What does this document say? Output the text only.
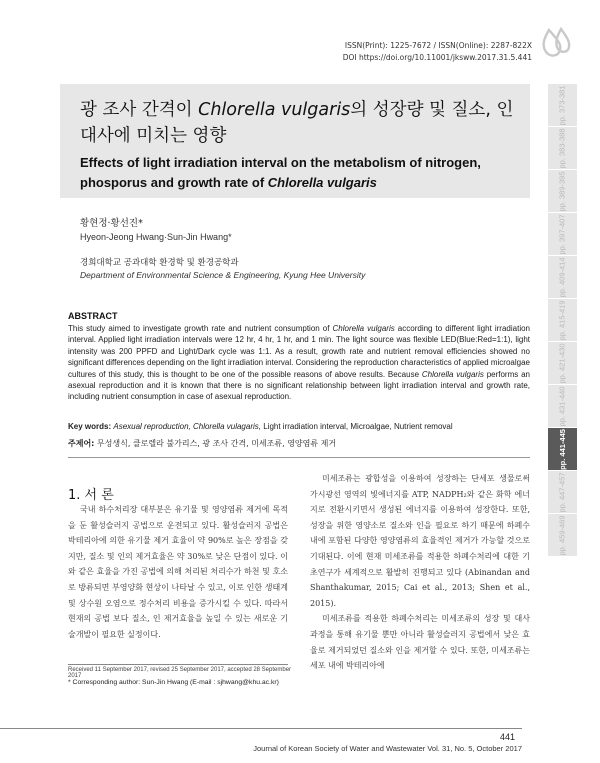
ISSN(Print): 1225-7672 / ISSN(Online): 2287-822X
DOI https://doi.org/10.11001/jksww.2017.31.5.441
광 조사 간격이 Chlorella vulgaris의 성장량 및 질소, 인 대사에 미치는 영향
Effects of light irradiation interval on the metabolism of nitrogen, phosporus and growth rate of Chlorella vulgaris
황현정·황선진*
Hyeon-Jeong Hwang·Sun-Jin Hwang*
경희대학교 공과대학 환경학 및 환경공학과
Department of Environmental Science & Engineering, Kyung Hee University
ABSTRACT
This study aimed to investigate growth rate and nutrient consumption of Chlorella vulgaris according to different light irradiation interval. Applied light irradiation intervals were 12 hr, 4 hr, 1 hr, and 1 min. The light source was flexible LED(Blue:Red=1:1), light intensity was 200 PPFD and Light/Dark cycle was 1:1. As a result, growth rate and nutrient removal efficiencies showed no significant differences depending on the light irradiation interval. Considering the reproduction characteristics of applied microalgae cultures of this study, this is thought to be one of the possible reasons of above results. Because Chlorella vulgaris performs an asexual reproduction and it is known that there is no significant relationship between light irradiation interval and growth rate, including nutrient consumption in case of asexual reproduction.
Key words: Asexual reproduction, Chlorella vulagaris, Light irradiation interval, Microalgae, Nutrient removal
주제어: 무성생식, 클로렐라 불가리스, 광 조사 간격, 미세조류, 영양염류 제거
1. 서 론
국내 하수처리장 대부분은 유기물 및 영양염류 제거에 목적을 둔 활성슬러지 공법으로 운전되고 있다. 활성슬러지 공법은 박테리아에 의한 유기물 제거 효율이 약 90%로 높은 장점을 갖지만, 질소 및 인의 제거효율은 약 30%로 낮은 단점이 있다. 이와 같은 효율을 가진 공법에 의해 처리된 처리수가 하천 및 호소로 방류되면 부영양화 현상이 나타날 수 있고, 이로 인한 생태계 및 상수원 오염으로 정수처리 비용을 증가시킬 수 있다. 따라서 현재의 공법 보다 질소, 인 제거효율을 높일 수 있는 새로운 기술개발이 필요한 실정이다.
미세조류는 광합성을 이용하여 성장하는 단세포 생물로써 가시광선 영역의 빛에너지를 ATP, NADPH₂와 같은 화학 에너지로 전환시키면서 생성된 에너지를 이용하여 성장한다. 또한, 성장을 위한 영양소로 질소와 인을 필요로 하기 때문에 하폐수 내에 포함된 다양한 영양염류의 효율적인 제거가 가능할 것으로 기대된다. 이에 현재 미세조류를 적용한 하폐수처리에 대한 기초연구가 세계적으로 활발히 진행되고 있다 (Abinandan and Shanthakumar, 2015; Cai et al., 2013; Shen et al., 2015).
미세조류를 적용한 하폐수처리는 미세조류의 성장 및 대사과정을 통해 유기물 뿐만 아니라 활성슬러지 공법에서 낮은 효율로 제거되었던 질소와 인을 제거할 수 있다. 또한, 미세조류는 세포 내에 박테리아에
Received 11 September 2017, revised 25 September 2017, accepted 28 September 2017
* Corresponding author: Sun-Jin Hwang (E-mail : sjhwang@khu.ac.kr)
441
Journal of Korean Society of Water and Wastewater Vol. 31, No. 5, October 2017
pp. 373-381
pp. 383-388
pp. 389-395
pp. 397-407
pp. 409-414
pp. 415-419
pp. 421-430
pp. 431-440
pp. 441-445
pp. 447-457
pp. 459-469
